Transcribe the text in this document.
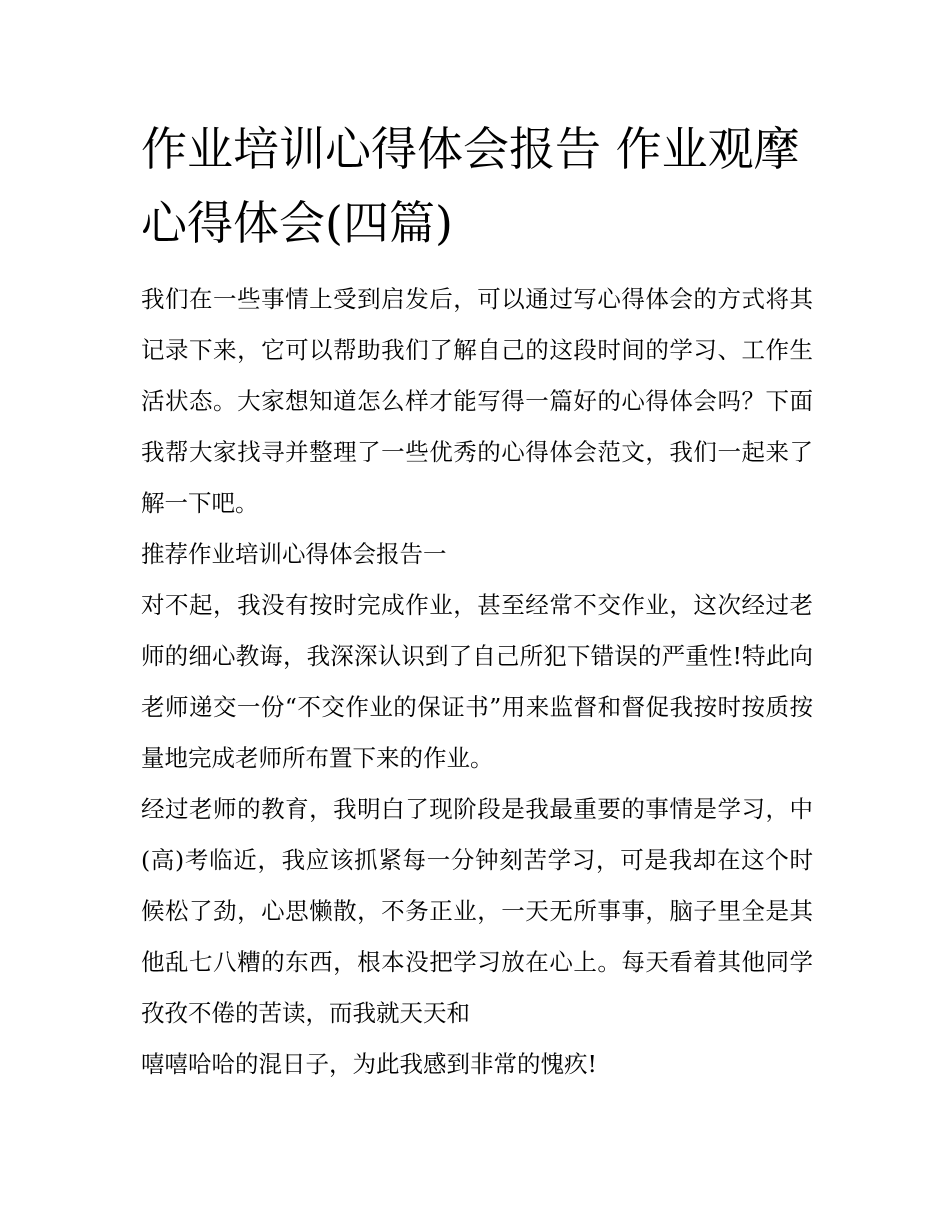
作业培训心得体会报告 作业观摩心得体会(四篇)

我们在一些事情上受到启发后，可以通过写心得体会的方式将其记录下来，它可以帮助我们了解自己的这段时间的学习、工作生活状态。大家想知道怎么样才能写得一篇好的心得体会吗？下面我帮大家找寻并整理了一些优秀的心得体会范文，我们一起来了解一下吧。

推荐作业培训心得体会报告一

对不起，我没有按时完成作业，甚至经常不交作业，这次经过老师的细心教诲，我深深认识到了自己所犯下错误的严重性!特此向老师递交一份“不交作业的保证书”用来监督和督促我按时按质按量地完成老师所布置下来的作业。

经过老师的教育，我明白了现阶段是我最重要的事情是学习，中(高)考临近，我应该抓紧每一分钟刻苦学习，可是我却在这个时候松了劲，心思懒散，不务正业，一天无所事事，脑子里全是其他乱七八糟的东西，根本没把学习放在心上。每天看着其他同学孜孜不倦的苦读，而我就天天和

嘻嘻哈哈的混日子，为此我感到非常的愧疚!
